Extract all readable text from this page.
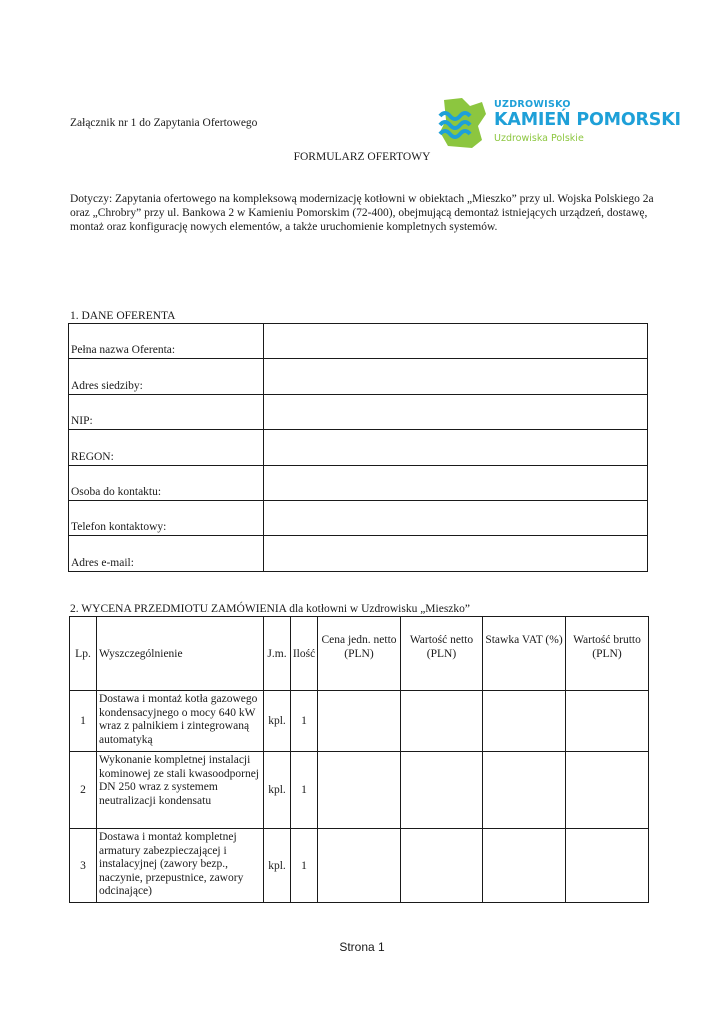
Załącznik nr 1 do Zapytania Ofertowego
UZDROWISKO
KAMIEŃ POMORSKI
Uzdrowiska Polskie
FORMULARZ OFERTOWY
Dotyczy: Zapytania ofertowego na kompleksową modernizację kotłowni w obiektach „Mieszko” przy ul. Wojska Polskiego 2a oraz „Chrobry” przy ul. Bankowa 2 w Kamieniu Pomorskim (72-400), obejmującą demontaż istniejących urządzeń, dostawę, montaż oraz konfigurację nowych elementów, a także uruchomienie kompletnych systemów.
1. DANE OFERENTA
Pełna nazwa Oferenta:	
Adres siedziby:	
NIP:	
REGON:	
Osoba do kontaktu:	
Telefon kontaktowy:	
Adres e-mail:	
2. WYCENA PRZEDMIOTU ZAMÓWIENIA dla kotłowni w Uzdrowisku „Mieszko”
Lp.	Wyszczególnienie	J.m.	Ilość	Cena jedn. netto (PLN)	Wartość netto (PLN)	Stawka VAT (%)	Wartość brutto (PLN)
1	Dostawa i montaż kotła gazowego kondensacyjnego o mocy 640 kW wraz z palnikiem i zintegrowaną automatyką	kpl.	1				
2	Wykonanie kompletnej instalacji kominowej ze stali kwasoodpornej DN 250 wraz z systemem neutralizacji kondensatu	kpl.	1				
3	Dostawa i montaż kompletnej armatury zabezpieczającej i instalacyjnej (zawory bezp., naczynie, przepustnice, zawory odcinające)	kpl.	1				
Strona 1
